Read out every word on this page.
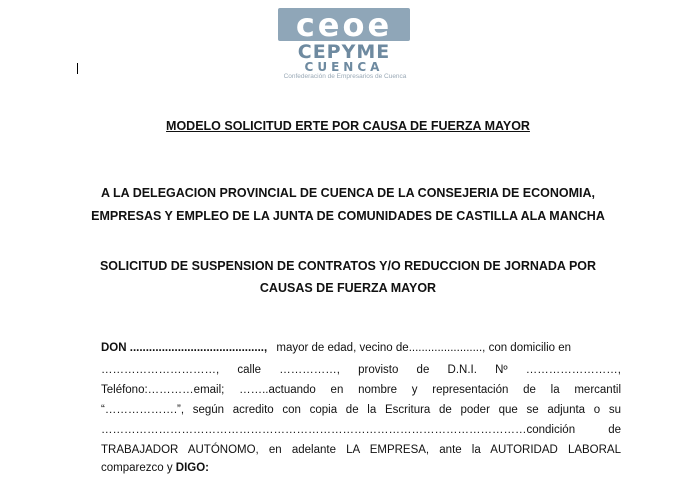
ceoe
CEPYME
CUENCA
Confederación de Empresarios de Cuenca
MODELO SOLICITUD ERTE POR CAUSA DE FUERZA MAYOR
A LA DELEGACION PROVINCIAL DE CUENCA DE LA CONSEJERIA DE ECONOMIA,
EMPRESAS Y EMPLEO DE LA JUNTA DE COMUNIDADES DE CASTILLA ALA MANCHA
SOLICITUD DE SUSPENSION DE CONTRATOS Y/O REDUCCION DE JORNADA POR
CAUSAS DE FUERZA MAYOR
DON .........................................., mayor de edad, vecino de......................., con domicilio en
…………………………, calle ……………, provisto de D.N.I. Nº ……………………,
Teléfono:…………email; ……..actuando en nombre y representación de la mercantil
“……………….”, según acredito con copia de la Escritura de poder que se adjunta o su
…………………………………………………………………………………………………condición de
TRABAJADOR AUTÓNOMO, en adelante LA EMPRESA, ante la AUTORIDAD LABORAL
comparezco y DIGO:
